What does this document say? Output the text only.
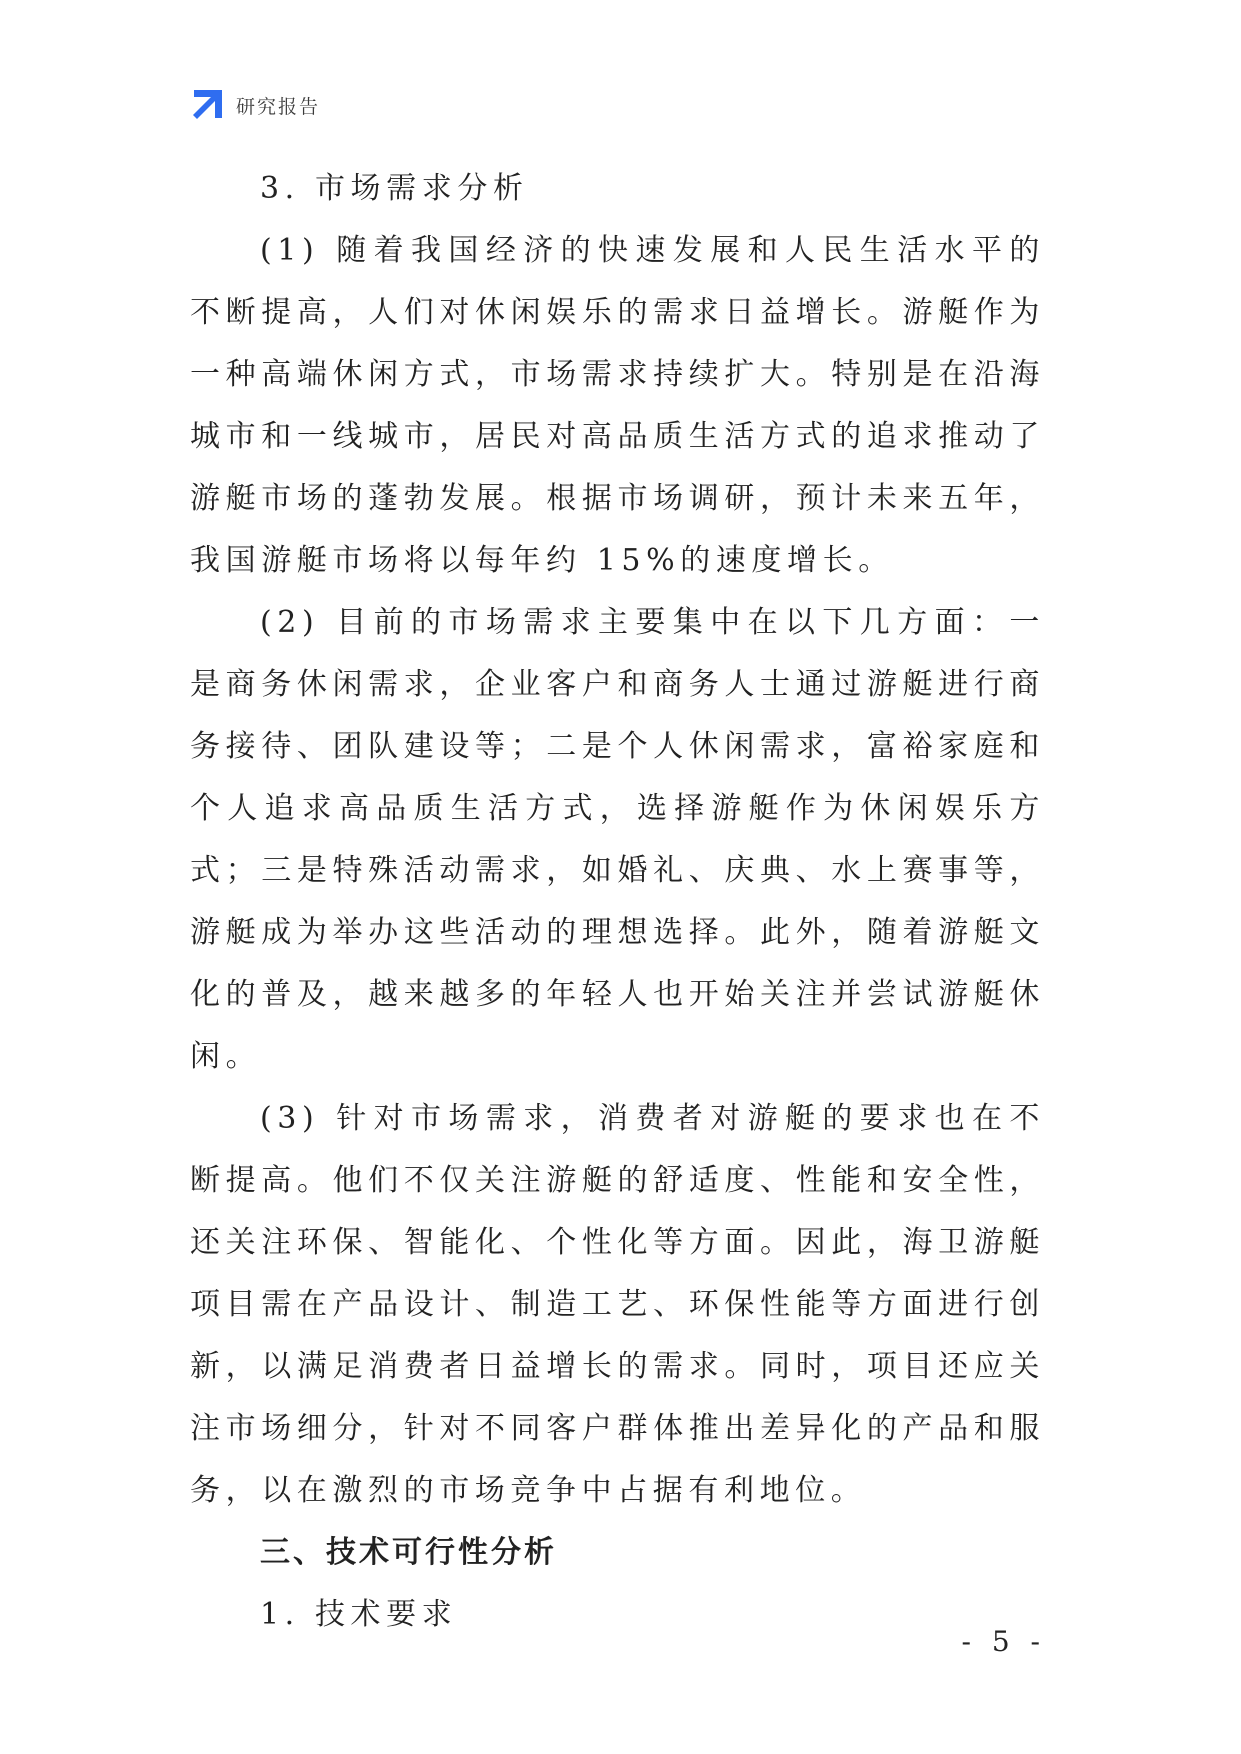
研究报告

3. 市场需求分析

(1) 随着我国经济的快速发展和人民生活水平的不断提高，人们对休闲娱乐的需求日益增长。游艇作为一种高端休闲方式，市场需求持续扩大。特别是在沿海城市和一线城市，居民对高品质生活方式的追求推动了游艇市场的蓬勃发展。根据市场调研，预计未来五年，我国游艇市场将以每年约 15%的速度增长。

(2) 目前的市场需求主要集中在以下几方面：一是商务休闲需求，企业客户和商务人士通过游艇进行商务接待、团队建设等；二是个人休闲需求，富裕家庭和个人追求高品质生活方式，选择游艇作为休闲娱乐方式；三是特殊活动需求，如婚礼、庆典、水上赛事等，游艇成为举办这些活动的理想选择。此外，随着游艇文化的普及，越来越多的年轻人也开始关注并尝试游艇休闲。

(3) 针对市场需求，消费者对游艇的要求也在不断提高。他们不仅关注游艇的舒适度、性能和安全性，还关注环保、智能化、个性化等方面。因此，海卫游艇项目需在产品设计、制造工艺、环保性能等方面进行创新，以满足消费者日益增长的需求。同时，项目还应关注市场细分，针对不同客户群体推出差异化的产品和服务，以在激烈的市场竞争中占据有利地位。

三、技术可行性分析

1. 技术要求

- 5 -
